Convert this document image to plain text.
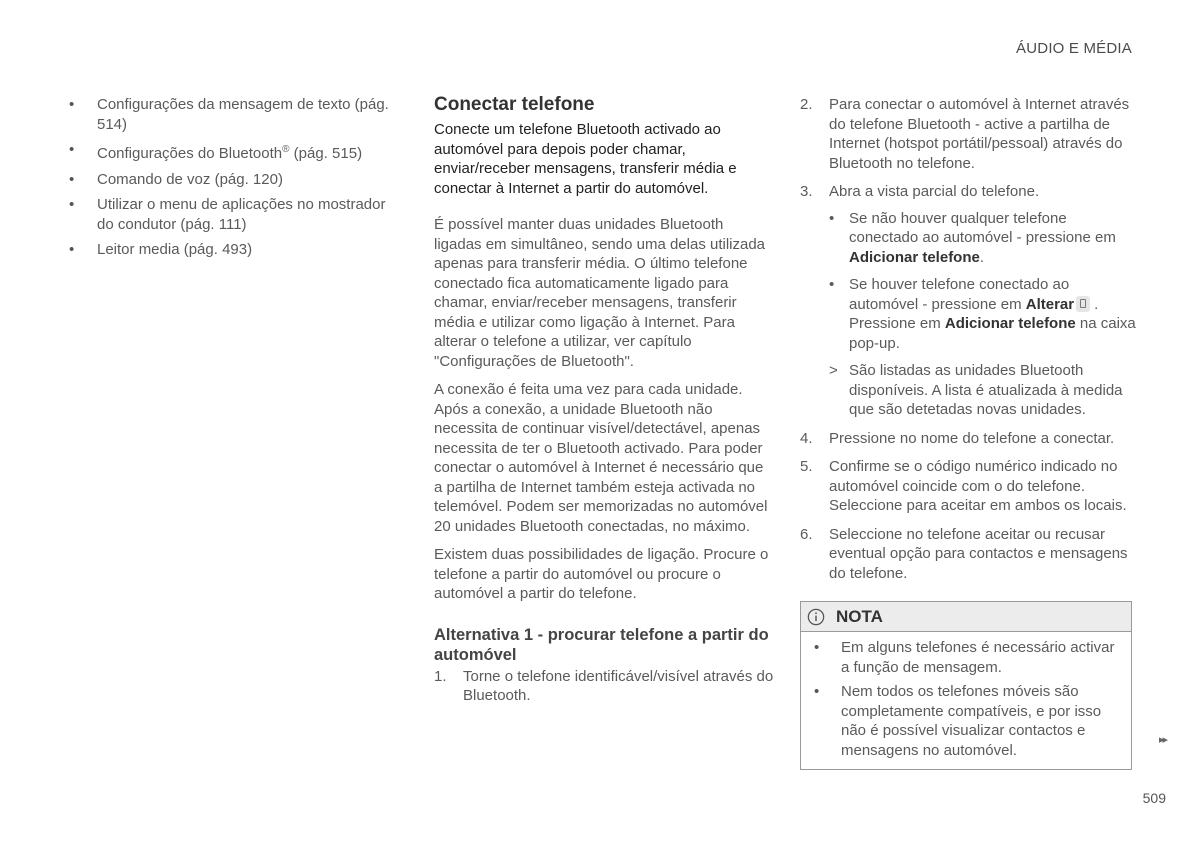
ÁUDIO E MÉDIA
• Configurações da mensagem de texto (pág. 514)
• Configurações do Bluetooth® (pág. 515)
• Comando de voz (pág. 120)
• Utilizar o menu de aplicações no mostrador do condutor (pág. 111)
• Leitor media (pág. 493)
Conectar telefone

Conecte um telefone Bluetooth activado ao automóvel para depois poder chamar, enviar/receber mensagens, transferir média e conectar à Internet a partir do automóvel.

É possível manter duas unidades Bluetooth ligadas em simultâneo, sendo uma delas utilizada apenas para transferir média. O último telefone conectado fica automaticamente ligado para chamar, enviar/receber mensagens, transferir média e utilizar como ligação à Internet. Para alterar o telefone a utilizar, ver capítulo "Configurações de Bluetooth".

A conexão é feita uma vez para cada unidade. Após a conexão, a unidade Bluetooth não necessita de continuar visível/detectável, apenas necessita de ter o Bluetooth activado. Para poder conectar o automóvel à Internet é necessário que a partilha de Internet também esteja activada no telemóvel. Podem ser memorizadas no automóvel 20 unidades Bluetooth conectadas, no máximo.

Existem duas possibilidades de ligação. Procure o telefone a partir do automóvel ou procure o automóvel a partir do telefone.

Alternativa 1 - procurar telefone a partir do automóvel
1. Torne o telefone identificável/visível através do Bluetooth.
2. Para conectar o automóvel à Internet através do telefone Bluetooth - active a partilha de Internet (hotspot portátil/pessoal) através do Bluetooth no telefone.
3. Abra a vista parcial do telefone.
• Se não houver qualquer telefone conectado ao automóvel - pressione em Adicionar telefone.
• Se houver telefone conectado ao automóvel - pressione em Alterar . Pressione em Adicionar telefone na caixa pop-up.
> São listadas as unidades Bluetooth disponíveis. A lista é atualizada à medida que são detetadas novas unidades.
4. Pressione no nome do telefone a conectar.
5. Confirme se o código numérico indicado no automóvel coincide com o do telefone. Seleccione para aceitar em ambos os locais.
6. Seleccione no telefone aceitar ou recusar eventual opção para contactos e mensagens do telefone.
NOTA
• Em alguns telefones é necessário activar a função de mensagem.
• Nem todos os telefones móveis são completamente compatíveis, e por isso não é possível visualizar contactos e mensagens no automóvel.
▸▸
509
